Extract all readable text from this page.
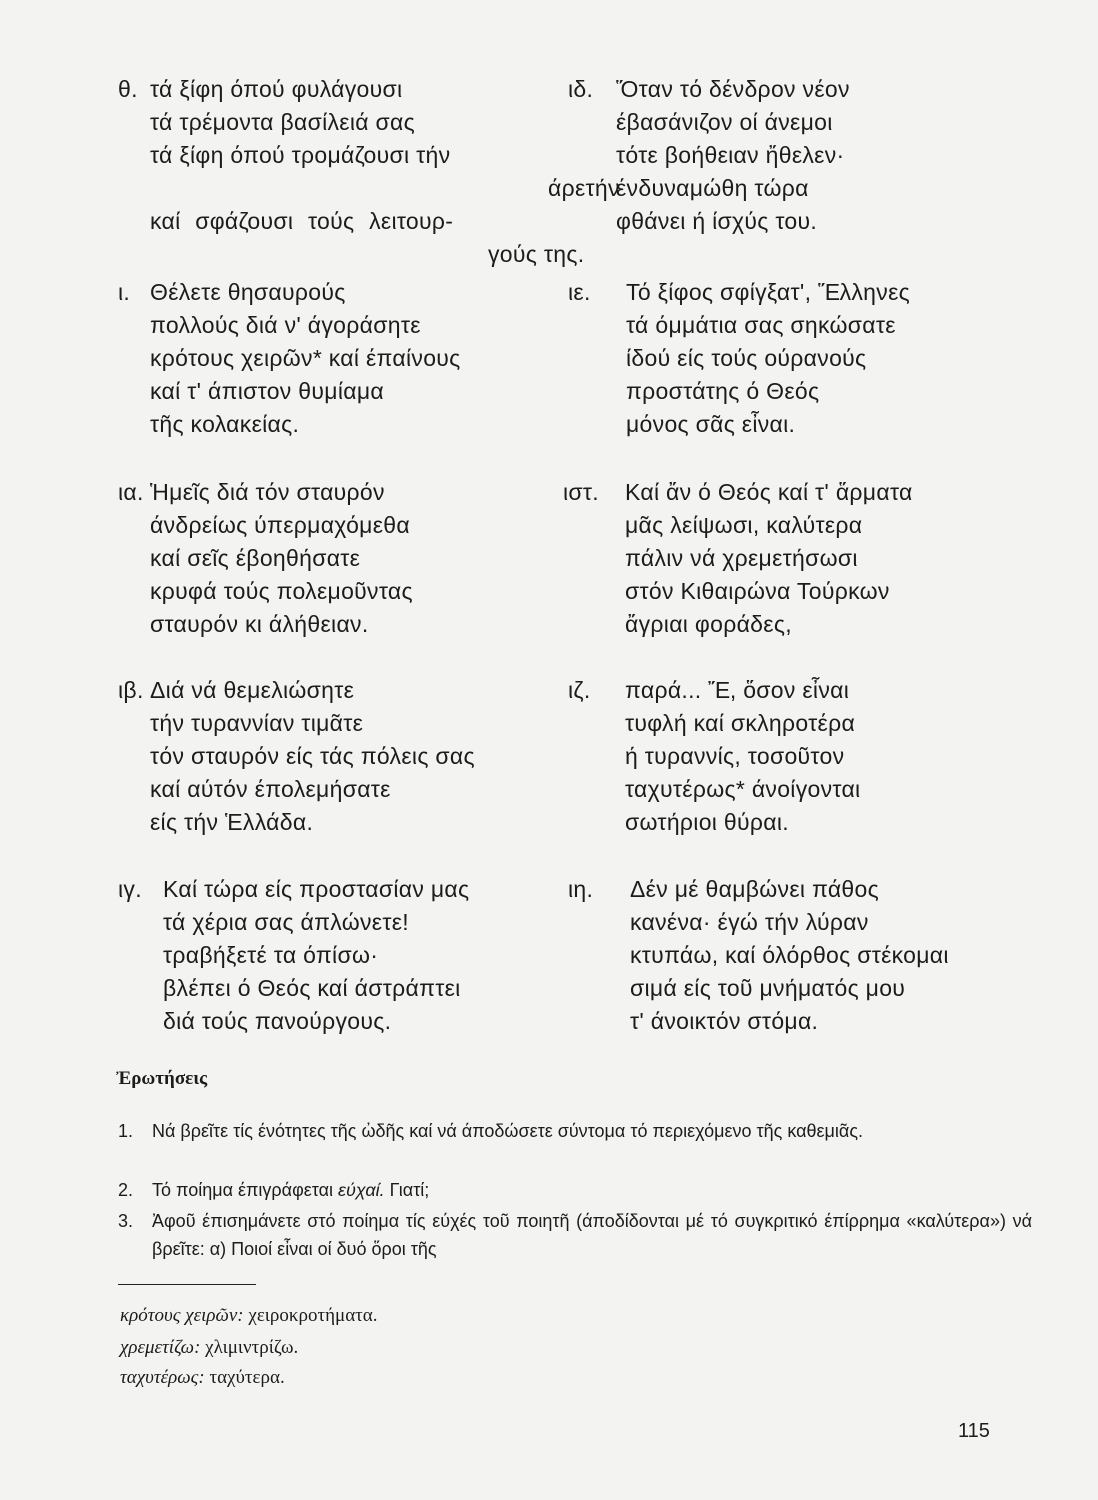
θ. τά ξίφη όπού φυλάγουσι
τά τρέμοντα βασίλειά σας
τά ξίφη όπού τρομάζουσι τήν
άρετήν
καί σφάζουσι τούς λειτουρ-
γούς της.
ι. Θέλετε θησαυρούς
πολλούς διά ν' άγοράσητε
κρότους χειρῶν* καί έπαίνους
καί τ' άπιστον θυμίαμα
τῆς κολακείας.
ια. Ἡμεῖς διά τόν σταυρόν
άνδρείως ύπερμαχόμεθα
καί σεῖς έβοηθήσατε
κρυφά τούς πολεμοῦντας
σταυρόν κι άλήθειαν.
ιβ. Διά νά θεμελιώσητε
τήν τυραννίαν τιμᾶτε
τόν σταυρόν είς τάς πόλεις σας
καί αύτόν έπολεμήσατε
είς τήν Ἑλλάδα.
ιγ. Καί τώρα είς προστασίαν μας
τά χέρια σας άπλώνετε!
τραβήξετέ τα όπίσω·
βλέπει ό Θεός καί άστράπτει
διά τούς πανούργους.
ιδ. Ὅταν τό δένδρον νέον
έβασάνιζον οί άνεμοι
τότε βοήθειαν ἤθελεν·
ένδυναμώθη τώρα
φθάνει ή ίσχύς του.
ιε. Τό ξίφος σφίγξατ', Ἕλληνες
τά όμμάτια σας σηκώσατε
ίδού είς τούς ούρανούς
προστάτης ό Θεός
μόνος σᾶς εἶναι.
ιστ. Καί ἄν ό Θεός καί τ' ἅρματα
μᾶς λείψωσι, καλύτερα
πάλιν νά χρεμετήσωσι
στόν Κιθαιρώνα Τούρκων
ἄγριαι φοράδες,
ιζ. παρά... Ἔ, ὅσον εἶναι
τυφλή καί σκληροτέρα
ή τυραννίς, τοσοῦτον
ταχυτέρως* άνοίγονται
σωτήριοι θύραι.
ιη. Δέν μέ θαμβώνει πάθος
κανένα· έγώ τήν λύραν
κτυπάω, καί όλόρθος στέκομαι
σιμά είς τοῦ μνήματός μου
τ' άνοικτόν στόμα.
Ἐρωτήσεις
1. Νά βρεῖτε τίς ένότητες τῆς ὠδῆς καί νά άποδώσετε σύντομα τό περιεχόμενο τῆς καθεμιᾶς.
2. Τό ποίημα έπιγράφεται εύχαί. Γιατί;
3. Ἀφοῦ έπισημάνετε στό ποίημα τίς εύχές τοῦ ποιητῆ (άποδίδονται μέ τό συγκριτικό έπίρρημα «καλύτερα») νά βρεῖτε: α) Ποιοί εἶναι οί δυό ὅροι τῆς
κρότους χειρῶν: χειροκροτήματα.
χρεμετίζω: χλιμιντρίζω.
ταχυτέρως: ταχύτερα.
115
